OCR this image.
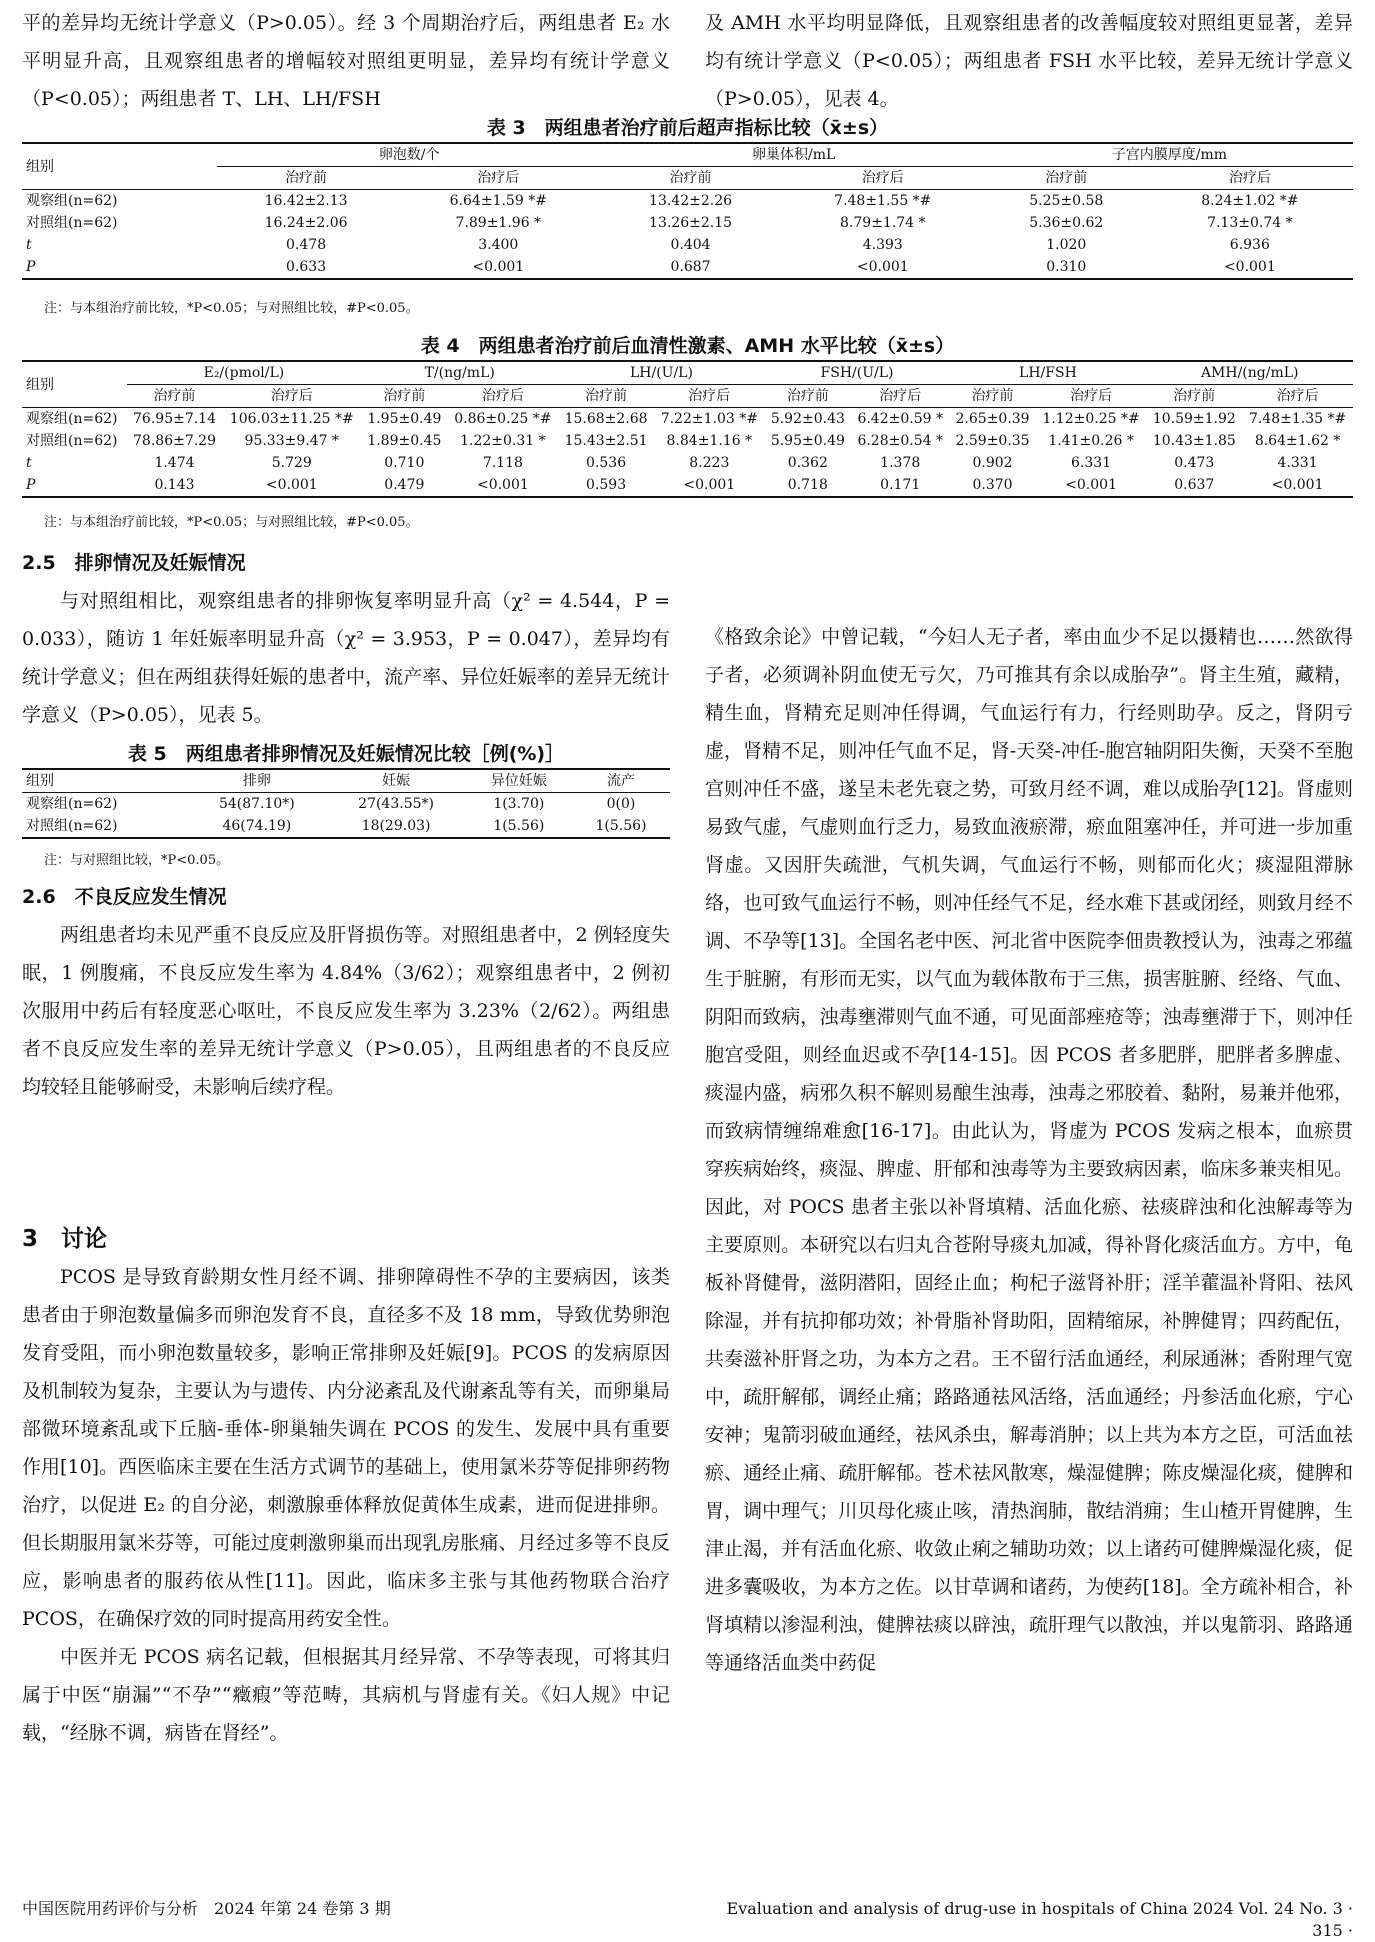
平的差异均无统计学意义（P>0.05）。经 3 个周期治疗后，两组患者 E₂ 水平明显升高，且观察组患者的增幅较对照组更明显，差异均有统计学意义（P<0.05）；两组患者 T、LH、LH/FSH

及 AMH 水平均明显降低，且观察组患者的改善幅度较对照组更显著，差异均有统计学意义（P<0.05）；两组患者 FSH 水平比较，差异无统计学意义（P>0.05），见表 4。

表 3　两组患者治疗前后超声指标比较（x̄±s）
组别	卵泡数/个		卵巢体积/mL		子宫内膜厚度/mm	
	治疗前	治疗后	治疗前	治疗后	治疗前	治疗后
观察组(n=62)	16.42±2.13	6.64±1.59 *#	13.42±2.26	7.48±1.55 *#	5.25±0.58	8.24±1.02 *#
对照组(n=62)	16.24±2.06	7.89±1.96 *	13.26±2.15	8.79±1.74 *	5.36±0.62	7.13±0.74 *
t	0.478	3.400	0.404	4.393	1.020	6.936
P	0.633	<0.001	0.687	<0.001	0.310	<0.001
注：与本组治疗前比较，*P<0.05；与对照组比较，#P<0.05。
表 4　两组患者治疗前后血清性激素、AMH 水平比较（x̄±s）
组别	E₂/(pmol/L)		T/(ng/mL)		LH/(U/L)		FSH/(U/L)		LH/FSH		AMH/(ng/mL)	
	治疗前	治疗后	治疗前	治疗后	治疗前	治疗后	治疗前	治疗后	治疗前	治疗后	治疗前	治疗后
观察组(n=62)	76.95±7.14	106.03±11.25 *#	1.95±0.49	0.86±0.25 *#	15.68±2.68	7.22±1.03 *#	5.92±0.43	6.42±0.59 *	2.65±0.39	1.12±0.25 *#	10.59±1.92	7.48±1.35 *#
对照组(n=62)	78.86±7.29	95.33±9.47 *	1.89±0.45	1.22±0.31 *	15.43±2.51	8.84±1.16 *	5.95±0.49	6.28±0.54 *	2.59±0.35	1.41±0.26 *	10.43±1.85	8.64±1.62 *
t	1.474	5.729	0.710	7.118	0.536	8.223	0.362	1.378	0.902	6.331	0.473	4.331
P	0.143	<0.001	0.479	<0.001	0.593	<0.001	0.718	0.171	0.370	<0.001	0.637	<0.001
注：与本组治疗前比较，*P<0.05；与对照组比较，#P<0.05。

2.5　排卵情况及妊娠情况

与对照组相比，观察组患者的排卵恢复率明显升高（χ² = 4.544，P = 0.033），随访 1 年妊娠率明显升高（χ² = 3.953，P = 0.047），差异均有统计学意义；但在两组获得妊娠的患者中，流产率、异位妊娠率的差异无统计学意义（P>0.05），见表 5。

表 5　两组患者排卵情况及妊娠情况比较［例(%)］
组别	排卵	妊娠	异位妊娠	流产
观察组(n=62)	54(87.10*)	27(43.55*)	1(3.70)	0(0)
对照组(n=62)	46(74.19)	18(29.03)	1(5.56)	1(5.56)
注：与对照组比较，*P<0.05。

2.6　不良反应发生情况

两组患者均未见严重不良反应及肝肾损伤等。对照组患者中，2 例轻度失眠，1 例腹痛，不良反应发生率为 4.84%（3/62）；观察组患者中，2 例初次服用中药后有轻度恶心呕吐，不良反应发生率为 3.23%（2/62）。两组患者不良反应发生率的差异无统计学意义（P>0.05），且两组患者的不良反应均较轻且能够耐受，未影响后续疗程。

3　讨论

PCOS 是导致育龄期女性月经不调、排卵障碍性不孕的主要病因，该类患者由于卵泡数量偏多而卵泡发育不良，直径多不及 18 mm，导致优势卵泡发育受阻，而小卵泡数量较多，影响正常排卵及妊娠[9]。PCOS 的发病原因及机制较为复杂，主要认为与遗传、内分泌紊乱及代谢紊乱等有关，而卵巢局部微环境紊乱或下丘脑-垂体-卵巢轴失调在 PCOS 的发生、发展中具有重要作用[10]。西医临床主要在生活方式调节的基础上，使用氯米芬等促排卵药物治疗，以促进 E₂ 的自分泌，刺激腺垂体释放促黄体生成素，进而促进排卵。但长期服用氯米芬等，可能过度刺激卵巢而出现乳房胀痛、月经过多等不良反应，影响患者的服药依从性[11]。因此，临床多主张与其他药物联合治疗 PCOS，在确保疗效的同时提高用药安全性。

中医并无 PCOS 病名记载，但根据其月经异常、不孕等表现，可将其归属于中医“崩漏”“不孕”“癥瘕”等范畴，其病机与肾虚有关。《妇人规》中记载，“经脉不调，病皆在肾经”。

《格致余论》中曾记载，“今妇人无子者，率由血少不足以摄精也……然欲得子者，必须调补阴血使无亏欠，乃可推其有余以成胎孕”。肾主生殖，藏精，精生血，肾精充足则冲任得调，气血运行有力，行经则助孕。反之，肾阴亏虚，肾精不足，则冲任气血不足，肾-天癸-冲任-胞宫轴阴阳失衡，天癸不至胞宫则冲任不盛，遂呈未老先衰之势，可致月经不调，难以成胎孕[12]。肾虚则易致气虚，气虚则血行乏力，易致血液瘀滞，瘀血阻塞冲任，并可进一步加重肾虚。又因肝失疏泄，气机失调，气血运行不畅，则郁而化火；痰湿阻滞脉络，也可致气血运行不畅，则冲任经气不足，经水难下甚或闭经，则致月经不调、不孕等[13]。全国名老中医、河北省中医院李佃贵教授认为，浊毒之邪蕴生于脏腑，有形而无实，以气血为载体散布于三焦，损害脏腑、经络、气血、阴阳而致病，浊毒壅滞则气血不通，可见面部痤疮等；浊毒壅滞于下，则冲任胞宫受阻，则经血迟或不孕[14-15]。因 PCOS 者多肥胖，肥胖者多脾虚、痰湿内盛，病邪久积不解则易酿生浊毒，浊毒之邪胶着、黏附，易兼并他邪，而致病情缠绵难愈[16-17]。由此认为，肾虚为 PCOS 发病之根本，血瘀贯穿疾病始终，痰湿、脾虚、肝郁和浊毒等为主要致病因素，临床多兼夹相见。因此，对 POCS 患者主张以补肾填精、活血化瘀、祛痰辟浊和化浊解毒等为主要原则。本研究以右归丸合苍附导痰丸加减，得补肾化痰活血方。方中，龟板补肾健骨，滋阴潜阳，固经止血；枸杞子滋肾补肝；淫羊藿温补肾阳、祛风除湿，并有抗抑郁功效；补骨脂补肾助阳，固精缩尿，补脾健胃；四药配伍，共奏滋补肝肾之功，为本方之君。王不留行活血通经，利尿通淋；香附理气宽中，疏肝解郁，调经止痛；路路通祛风活络，活血通经；丹参活血化瘀，宁心安神；鬼箭羽破血通经，祛风杀虫，解毒消肿；以上共为本方之臣，可活血祛瘀、通经止痛、疏肝解郁。苍术祛风散寒，燥湿健脾；陈皮燥湿化痰，健脾和胃，调中理气；川贝母化痰止咳，清热润肺，散结消痈；生山楂开胃健脾，生津止渴，并有活血化瘀、收敛止痢之辅助功效；以上诸药可健脾燥湿化痰，促进多囊吸收，为本方之佐。以甘草调和诸药，为使药[18]。全方疏补相合，补肾填精以渗湿利浊，健脾祛痰以辟浊，疏肝理气以散浊，并以鬼箭羽、路路通等通络活血类中药促

中国医院用药评价与分析　2024 年第 24 卷第 3 期	Evaluation and analysis of drug-use in hospitals of China 2024 Vol. 24 No. 3 · 315 ·
